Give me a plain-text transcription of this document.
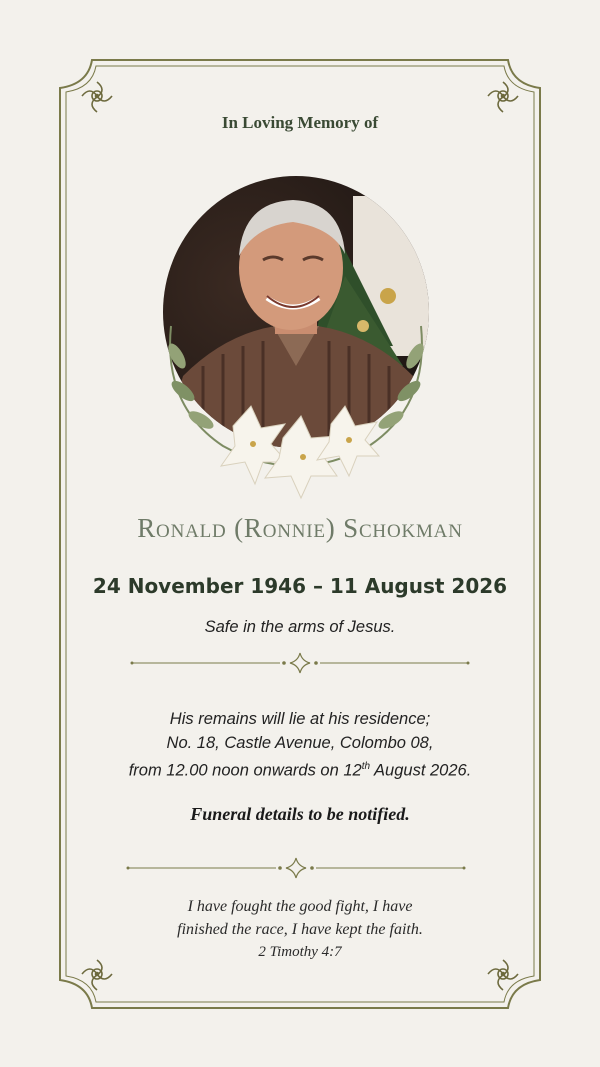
In Loving Memory of
Ronald (Ronnie) Schokman
24 November 1946 – 11 August 2026
Safe in the arms of Jesus.
His remains will lie at his residence;
No. 18, Castle Avenue, Colombo 08,
from 12.00 noon onwards on 12th August 2026.
Funeral details to be notified.
I have fought the good fight, I have
finished the race, I have kept the faith.
2 Timothy 4:7
